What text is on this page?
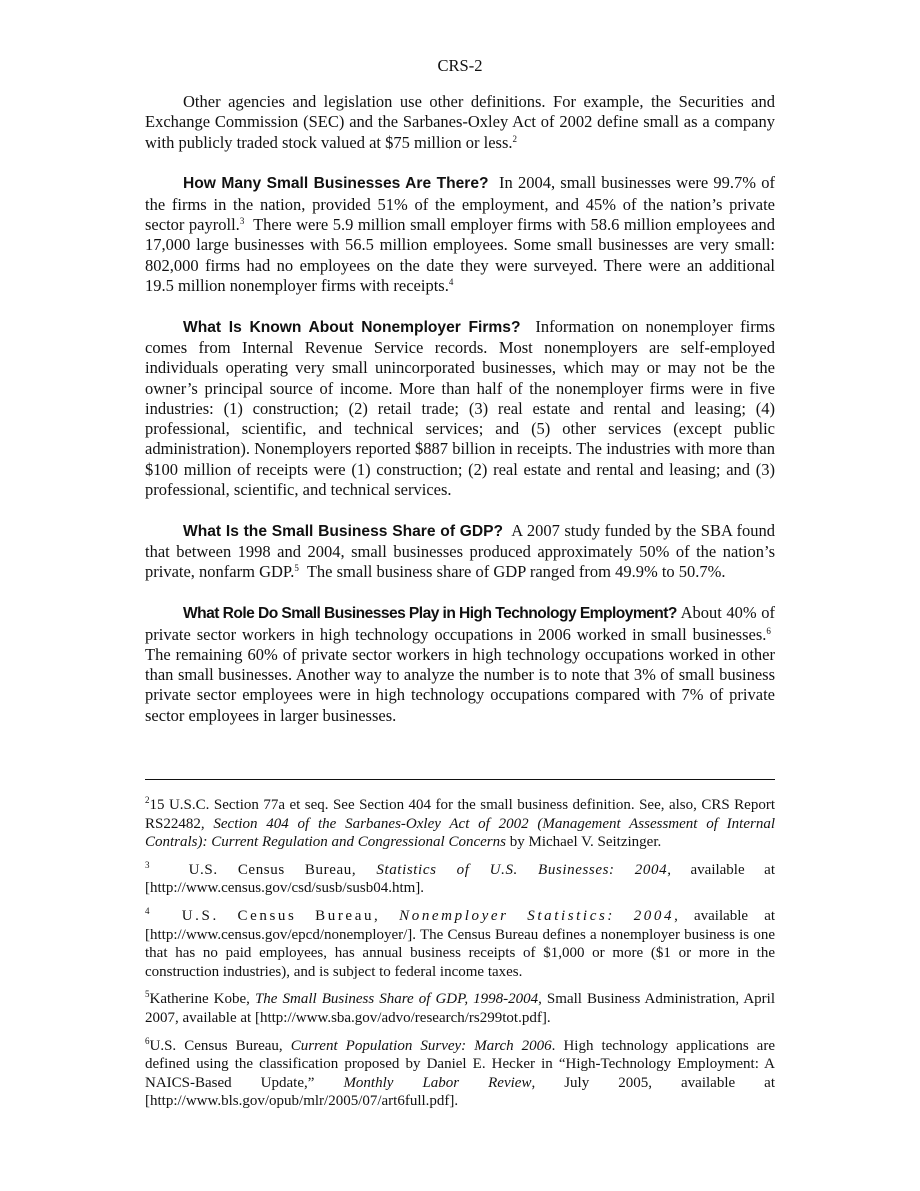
CRS-2

Other agencies and legislation use other definitions. For example, the Securities and Exchange Commission (SEC) and the Sarbanes-Oxley Act of 2002 define small as a company with publicly traded stock valued at $75 million or less.$^2$

How Many Small Businesses Are There? In 2004, small businesses were 99.7% of the firms in the nation, provided 51% of the employment, and 45% of the nation’s private sector payroll.$^3$ There were 5.9 million small employer firms with 58.6 million employees and 17,000 large businesses with 56.5 million employees. Some small businesses are very small: 802,000 firms had no employees on the date they were surveyed. There were an additional 19.5 million nonemployer firms with receipts.$^4$

What Is Known About Nonemployer Firms? Information on nonemployer firms comes from Internal Revenue Service records. Most nonemployers are self-employed individuals operating very small unincorporated businesses, which may or may not be the owner’s principal source of income. More than half of the nonemployer firms were in five industries: (1) construction; (2) retail trade; (3) real estate and rental and leasing; (4) professional, scientific, and technical services; and (5) other services (except public administration). Nonemployers reported $887 billion in receipts. The industries with more than $100 million of receipts were (1) construction; (2) real estate and rental and leasing; and (3) professional, scientific, and technical services.

What Is the Small Business Share of GDP? A 2007 study funded by the SBA found that between 1998 and 2004, small businesses produced approximately 50% of the nation’s private, nonfarm GDP.$^5$ The small business share of GDP ranged from 49.9% to 50.7%.

What Role Do Small Businesses Play in High Technology Employment? About 40% of private sector workers in high technology occupations in 2006 worked in small businesses.$^6$  The remaining 60% of private sector workers in high technology occupations worked in other than small businesses. Another way to analyze the number is to note that 3% of small business private sector employees were in high technology occupations compared with 7% of private sector employees in larger businesses.

$^2$15 U.S.C. Section 77a et seq. See Section 404 for the small business definition. See, also, CRS Report RS22482, Section 404 of the Sarbanes-Oxley Act of 2002 (Management Assessment of Internal Contrals): Current Regulation and Congressional Concerns by Michael V. Seitzinger.

$^3$	U.S. Census Bureau, Statistics of U.S. Businesses: 2004, available at [http://www.census.gov/csd/susb/susb04.htm].

$^4$ U.S. Census Bureau, Nonemployer Statistics: 2004, available at [http://www.census.gov/epcd/nonemployer/]. The Census Bureau defines a nonemployer business is one that has no paid employees, has annual business receipts of $1,000 or more ($1 or more in the construction industries), and is subject to federal income taxes.

$^5$Katherine Kobe, The Small Business Share of GDP, 1998-2004, Small Business Administration, April 2007, available at [http://www.sba.gov/advo/research/rs299tot.pdf].

$^6$U.S. Census Bureau, Current Population Survey: March 2006. High technology applications are defined using the classification proposed by Daniel E. Hecker in “High-Technology Employment: A NAICS-Based Update,” Monthly Labor Review, July 2005, available at [http://www.bls.gov/opub/mlr/2005/07/art6full.pdf].
